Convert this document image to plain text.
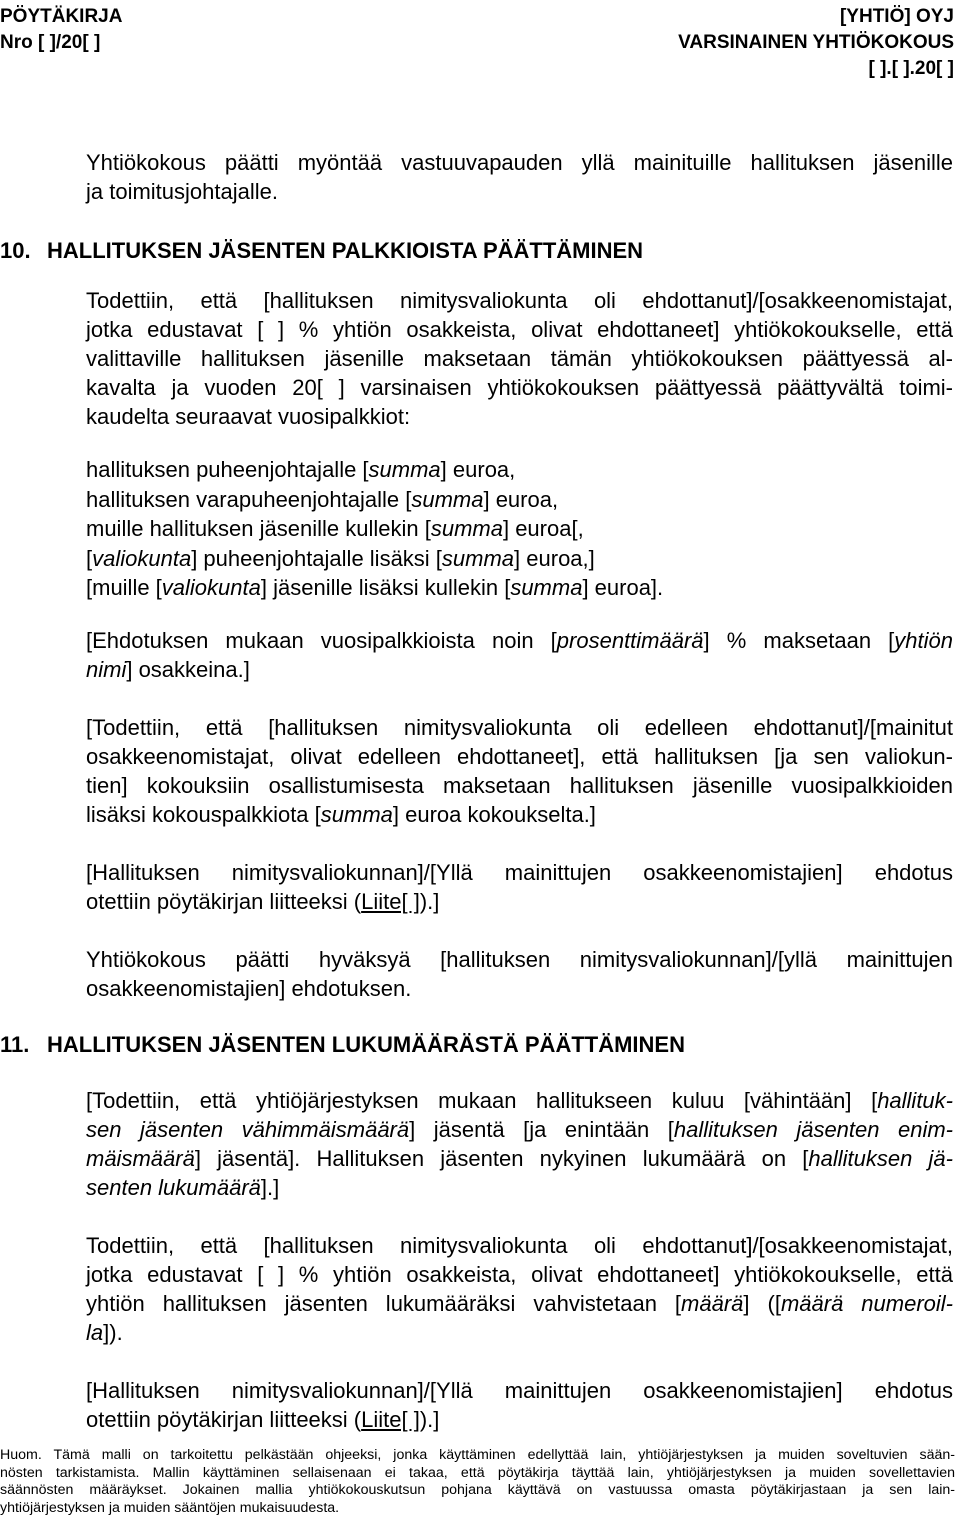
PÖYTÄKIRJA
Nro [ ]/20[ ]
[YHTIÖ] OYJ
VARSINAINEN YHTIÖKOKOUS
[ ].[ ].20[ ]

Yhtiökokous päätti myöntää vastuuvapauden yllä mainituille hallituksen jäsenille
ja toimitusjohtajalle.

10. HALLITUKSEN JÄSENTEN PALKKIOISTA PÄÄTTÄMINEN

Todettiin, että [hallituksen nimitysvaliokunta oli ehdottanut]/[osakkeenomistajat,
jotka edustavat [ ] % yhtiön osakkeista, olivat ehdottaneet] yhtiökokoukselle, että
valittaville hallituksen jäsenille maksetaan tämän yhtiökokouksen päättyessä al-
kavalta ja vuoden 20[ ] varsinaisen yhtiökokouksen päättyessä päättyvältä toimi-
kaudelta seuraavat vuosipalkkiot:

hallituksen puheenjohtajalle [summa] euroa,
hallituksen varapuheenjohtajalle [summa] euroa,
muille hallituksen jäsenille kullekin [summa] euroa[,
[valiokunta] puheenjohtajalle lisäksi [summa] euroa,]
[muille [valiokunta] jäsenille lisäksi kullekin [summa] euroa].

[Ehdotuksen mukaan vuosipalkkioista noin [prosenttimäärä] % maksetaan [yhtiön
nimi] osakkeina.]

[Todettiin, että [hallituksen nimitysvaliokunta oli edelleen ehdottanut]/[mainitut
osakkeenomistajat, olivat edelleen ehdottaneet], että hallituksen [ja sen valiokun-
tien] kokouksiin osallistumisesta maksetaan hallituksen jäsenille vuosipalkkioiden
lisäksi kokouspalkkiota [summa] euroa kokoukselta.]

[Hallituksen nimitysvaliokunnan]/[Yllä mainittujen osakkeenomistajien] ehdotus
otettiin pöytäkirjan liitteeksi (Liite[ ]).]

Yhtiökokous päätti hyväksyä [hallituksen nimitysvaliokunnan]/[yllä mainittujen
osakkeenomistajien] ehdotuksen.

11. HALLITUKSEN JÄSENTEN LUKUMÄÄRÄSTÄ PÄÄTTÄMINEN

[Todettiin, että yhtiöjärjestyksen mukaan hallitukseen kuluu [vähintään] [hallituk-
sen jäsenten vähimmäismäärä] jäsentä [ja enintään [hallituksen jäsenten enim-
mäismäärä] jäsentä]. Hallituksen jäsenten nykyinen lukumäärä on [hallituksen jä-
senten lukumäärä].]

Todettiin, että [hallituksen nimitysvaliokunta oli ehdottanut]/[osakkeenomistajat,
jotka edustavat [ ] % yhtiön osakkeista, olivat ehdottaneet] yhtiökokoukselle, että
yhtiön hallituksen jäsenten lukumääräksi vahvistetaan [määrä] ([määrä numeroil-
la]).

[Hallituksen nimitysvaliokunnan]/[Yllä mainittujen osakkeenomistajien] ehdotus
otettiin pöytäkirjan liitteeksi (Liite[ ]).]

Huom. Tämä malli on tarkoitettu pelkästään ohjeeksi, jonka käyttäminen edellyttää lain, yhtiöjärjestyksen ja muiden soveltuvien sään-
nösten tarkistamista. Mallin käyttäminen sellaisenaan ei takaa, että pöytäkirja täyttää lain, yhtiöjärjestyksen ja muiden sovellettavien
säännösten määräykset. Jokainen mallia yhtiökokouskutsun pohjana käyttävä on vastuussa omasta pöytäkirjastaan ja sen lain-
yhtiöjärjestyksen ja muiden sääntöjen mukaisuudesta.
